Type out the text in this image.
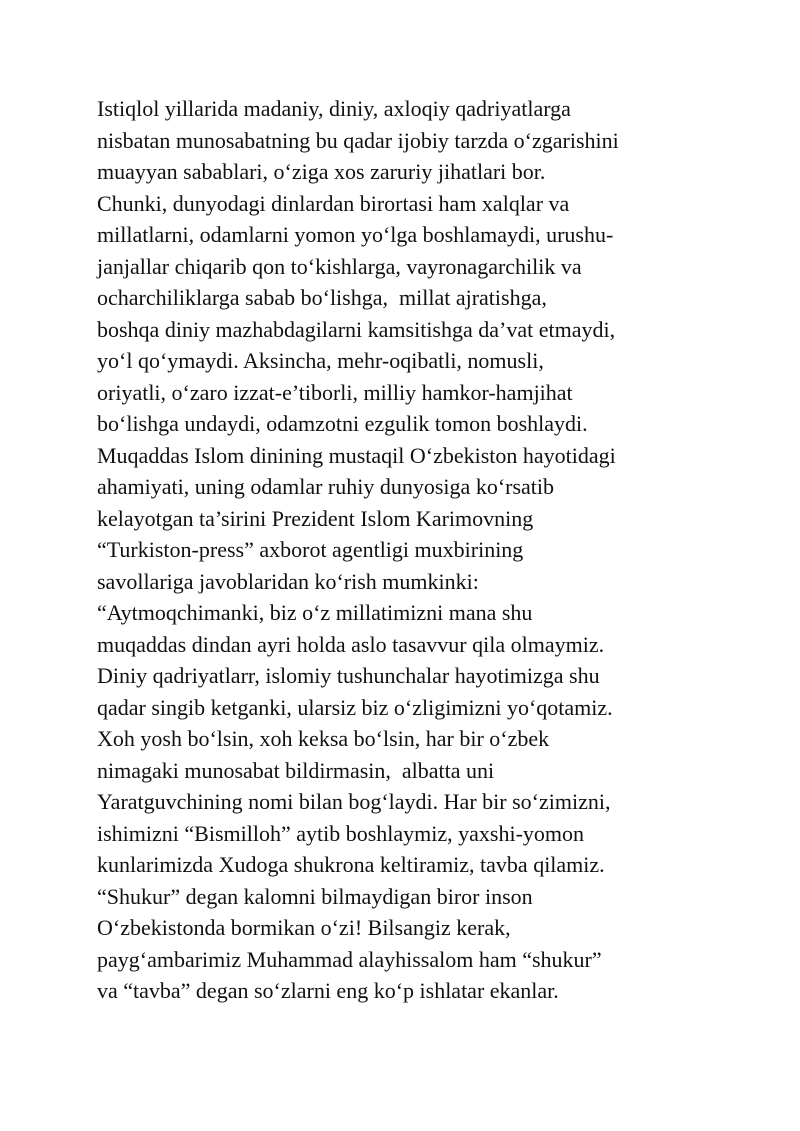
Istiqlol yillarida madaniy, diniy, axloqiy qadriyatlarga
nisbatan munosabatning bu qadar ijobiy tarzda o‘zgarishini
muayyan sabablari, o‘ziga xos zaruriy jihatlari bor.
Chunki, dunyodagi dinlardan birortasi ham xalqlar va
millatlarni, odamlarni yomon yo‘lga boshlamaydi, urushu-
janjallar chiqarib qon to‘kishlarga, vayronagarchilik va
ocharchiliklarga sabab bo‘lishga,  millat ajratishga,
boshqa diniy mazhabdagilarni kamsitishga da’vat etmaydi,
yo‘l qo‘ymaydi. Aksincha, mehr-oqibatli, nomusli,
oriyatli, o‘zaro izzat-e’tiborli, milliy hamkor-hamjihat
bo‘lishga undaydi, odamzotni ezgulik tomon boshlaydi.
Muqaddas Islom dinining mustaqil O‘zbekiston hayotidagi
ahamiyati, uning odamlar ruhiy dunyosiga ko‘rsatib
kelayotgan ta’sirini Prezident Islom Karimovning
“Turkiston-press” axborot agentligi muxbirining
savollariga javoblaridan ko‘rish mumkinki:
“Aytmoqchimanki, biz o‘z millatimizni mana shu
muqaddas dindan ayri holda aslo tasavvur qila olmaymiz.
Diniy qadriyatlarr, islomiy tushunchalar hayotimizga shu
qadar singib ketganki, ularsiz biz o‘zligimizni yo‘qotamiz.
Xoh yosh bo‘lsin, xoh keksa bo‘lsin, har bir o‘zbek
nimagaki munosabat bildirmasin,  albatta uni
Yaratguvchining nomi bilan bog‘laydi. Har bir so‘zimizni,
ishimizni “Bismilloh” aytib boshlaymiz, yaxshi-yomon
kunlarimizda Xudoga shukrona keltiramiz, tavba qilamiz.
“Shukur” degan kalomni bilmaydigan biror inson
O‘zbekistonda bormikan o‘zi! Bilsangiz kerak,
payg‘ambarimiz Muhammad alayhissalom ham “shukur”
va “tavba” degan so‘zlarni eng ko‘p ishlatar ekanlar.
